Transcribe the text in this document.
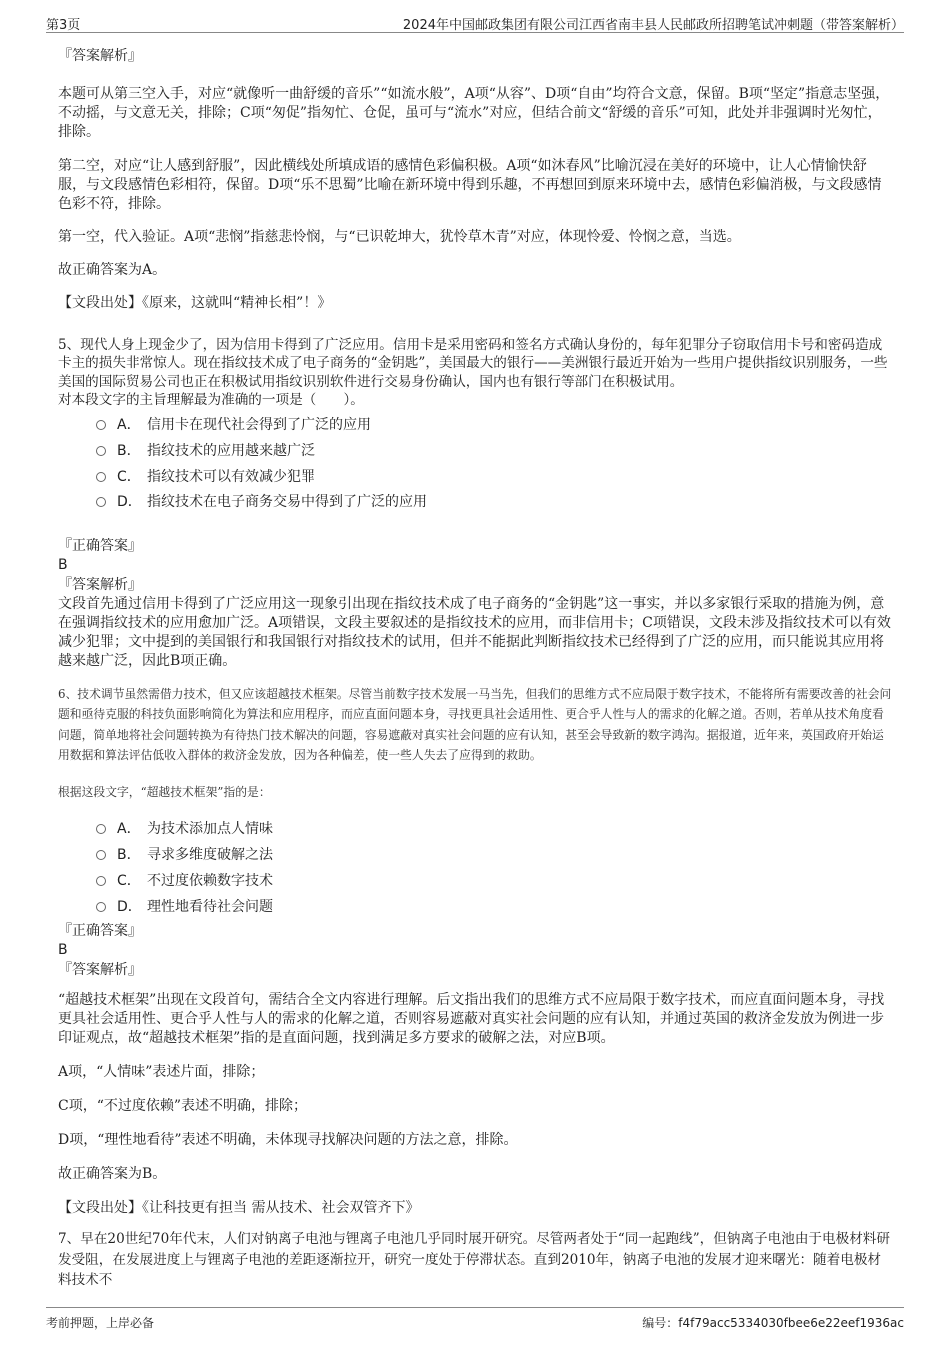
第3页	2024年中国邮政集团有限公司江西省南丰县人民邮政所招聘笔试冲刺题（带答案解析）

『答案解析』

本题可从第三空入手，对应“就像听一曲舒缓的音乐”“如流水般”，A项“从容”、D项“自由”均符合文意，保留。B项“坚定”指意志坚强，不动摇，与文意无关，排除；C项“匆促”指匆忙、仓促，虽可与“流水”对应，但结合前文“舒缓的音乐”可知，此处并非强调时光匆忙，排除。

第二空，对应“让人感到舒服”，因此横线处所填成语的感情色彩偏积极。A项“如沐春风”比喻沉浸在美好的环境中，让人心情愉快舒服，与文段感情色彩相符，保留。D项“乐不思蜀”比喻在新环境中得到乐趣，不再想回到原来环境中去，感情色彩偏消极，与文段感情色彩不符，排除。

第一空，代入验证。A项“悲悯”指慈悲怜悯，与“已识乾坤大，犹怜草木青”对应，体现怜爱、怜悯之意，当选。

故正确答案为A。

【文段出处】《原来，这就叫“精神长相”！》

5、现代人身上现金少了，因为信用卡得到了广泛应用。信用卡是采用密码和签名方式确认身份的，每年犯罪分子窃取信用卡号和密码造成卡主的损失非常惊人。现在指纹技术成了电子商务的“金钥匙”，美国最大的银行——美洲银行最近开始为一些用户提供指纹识别服务，一些美国的国际贸易公司也正在积极试用指纹识别软件进行交易身份确认，国内也有银行等部门在积极试用。

对本段文字的主旨理解最为准确的一项是（　　）。

A． 信用卡在现代社会得到了广泛的应用
B． 指纹技术的应用越来越广泛
C． 指纹技术可以有效减少犯罪
D． 指纹技术在电子商务交易中得到了广泛的应用

『正确答案』

B

『答案解析』

文段首先通过信用卡得到了广泛应用这一现象引出现在指纹技术成了电子商务的“金钥匙”这一事实，并以多家银行采取的措施为例，意在强调指纹技术的应用愈加广泛。A项错误，文段主要叙述的是指纹技术的应用，而非信用卡；C项错误，文段未涉及指纹技术可以有效减少犯罪；文中提到的美国银行和我国银行对指纹技术的试用，但并不能据此判断指纹技术已经得到了广泛的应用，而只能说其应用将越来越广泛，因此B项正确。

6、技术调节虽然需借力技术，但又应该超越技术框架。尽管当前数字技术发展一马当先，但我们的思维方式不应局限于数字技术，不能将所有需要改善的社会问题和亟待克服的科技负面影响简化为算法和应用程序，而应直面问题本身，寻找更具社会适用性、更合乎人性与人的需求的化解之道。否则，若单从技术角度看问题，简单地将社会问题转换为有待热门技术解决的问题，容易遮蔽对真实社会问题的应有认知，甚至会导致新的数字鸿沟。据报道，近年来，英国政府开始运用数据和算法评估低收入群体的救济金发放，因为各种偏差，使一些人失去了应得到的救助。

根据这段文字，“超越技术框架”指的是：

A． 为技术添加点人情味
B． 寻求多维度破解之法
C． 不过度依赖数字技术
D． 理性地看待社会问题

『正确答案』

B

『答案解析』

“超越技术框架”出现在文段首句，需结合全文内容进行理解。后文指出我们的思维方式不应局限于数字技术，而应直面问题本身，寻找更具社会适用性、更合乎人性与人的需求的化解之道，否则容易遮蔽对真实社会问题的应有认知，并通过英国的救济金发放为例进一步印证观点，故“超越技术框架”指的是直面问题，找到满足多方要求的破解之法，对应B项。

A项，“人情味”表述片面，排除；

C项，“不过度依赖”表述不明确，排除；

D项，“理性地看待”表述不明确，未体现寻找解决问题的方法之意，排除。

故正确答案为B。

【文段出处】《让科技更有担当 需从技术、社会双管齐下》

7、早在20世纪70年代末，人们对钠离子电池与锂离子电池几乎同时展开研究。尽管两者处于“同一起跑线”，但钠离子电池由于电极材料研发受阻，在发展进度上与锂离子电池的差距逐渐拉开，研究一度处于停滞状态。直到2010年，钠离子电池的发展才迎来曙光：随着电极材料技术不

考前押题，上岸必备	编号：f4f79acc5334030fbee6e22eef1936ac
